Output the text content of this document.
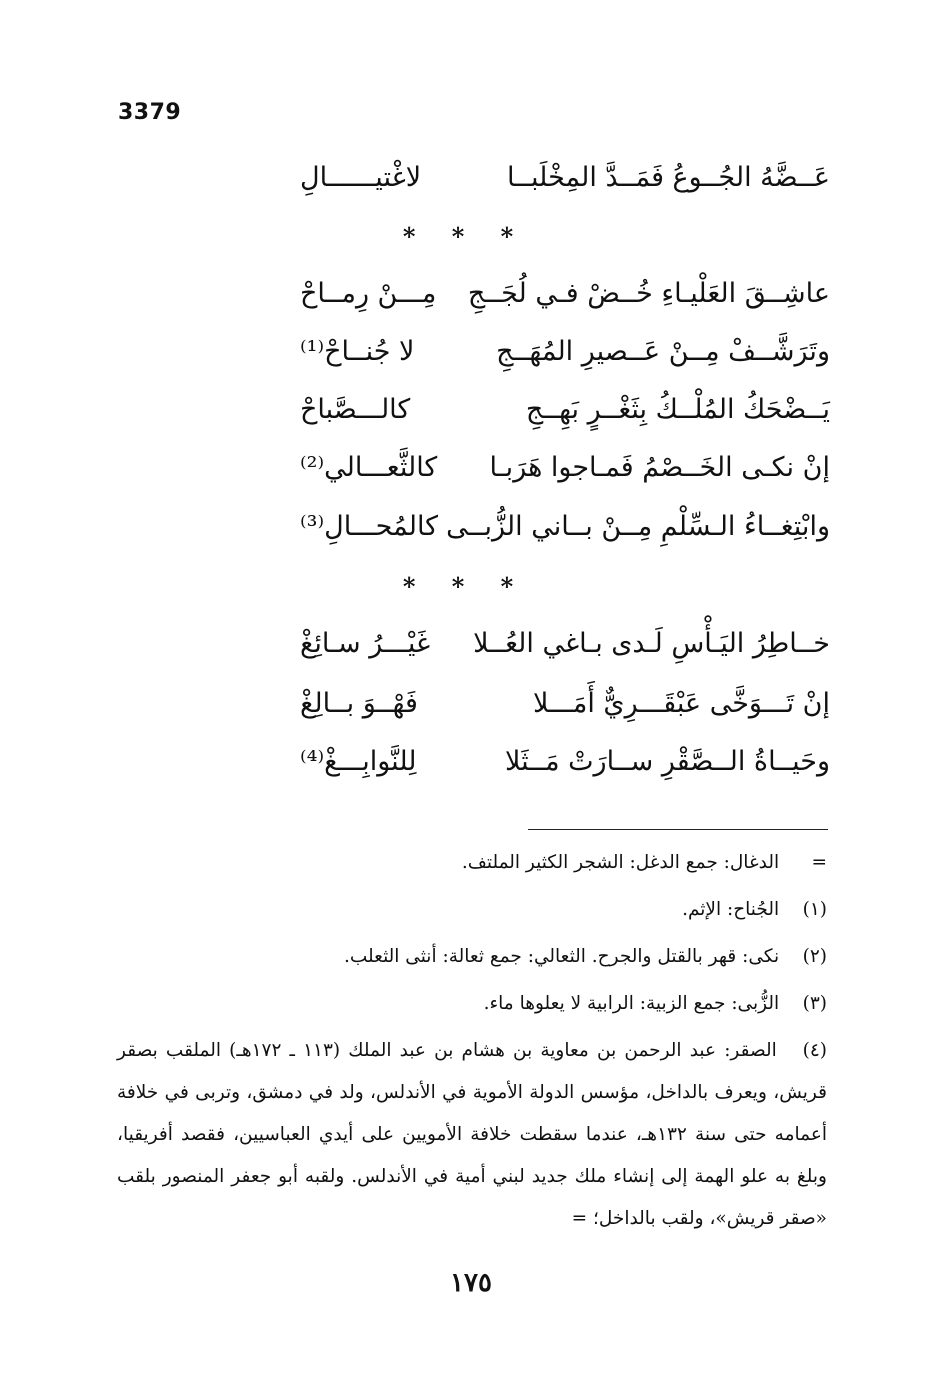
3379
عَــضَّهُ الجُــوعُ فَمَــدَّ المِخْلَبــا
لاغْتيــــــالِ
* * *
عاشِــقَ العَلْيـاءِ خُــضْ فـي لُجَــجِ
مِـــنْ رِمــاحْ
وتَرَشَّــفْ مِــنْ عَــصيرِ المُهَــجِ
لا جُنــاحْ⁽¹⁾
يَــضْحَكُ المُلْــكُ بِثَغْــرٍ بَهِــجِ
كالـــصَّباحْ
إنْ نكـى الخَــصْمُ فَمـاجوا هَرَبـا
كالثَّعـــالي⁽²⁾
وابْتِغــاءُ الـسِّلْمِ مِــنْ بــاني الزُّبــى
كالمُحـــالِ⁽³⁾
* * *
خــاطِرُ اليَـأْسِ لَـدى بـاغي العُــلا
غَيْـــرُ سـائِغْ
إنْ تَـــوَخَّى عَبْقَـــرِيٌّ أَمَـــلا
فَهْــوَ بــالِغْ
وحَيــاةُ الــصَّقْرِ ســارَتْ مَــثَلا
لِلنَّوابِـــغْ⁽⁴⁾
= الدغال: جمع الدغل: الشجر الكثير الملتف.
(١) الجُناح: الإثم.
(٢) نكى: قهر بالقتل والجرح. الثعالي: جمع ثعالة: أنثى الثعلب.
(٣) الزُّبى: جمع الزبية: الرابية لا يعلوها ماء.
(٤) الصقر: عبد الرحمن بن معاوية بن هشام بن عبد الملك (١١٣ ـ ١٧٢هـ) الملقب بصقر قريش، ويعرف بالداخل، مؤسس الدولة الأموية في الأندلس، ولد في دمشق، وتربى في خلافة أعمامه حتى سنة ١٣٢هـ، عندما سقطت خلافة الأمويين على أيدي العباسيين، فقصد أفريقيا، وبلغ به علو الهمة إلى إنشاء ملك جديد لبني أمية في الأندلس. ولقبه أبو جعفر المنصور بلقب «صقر قريش»، ولقب بالداخل؛ =
١٧٥
